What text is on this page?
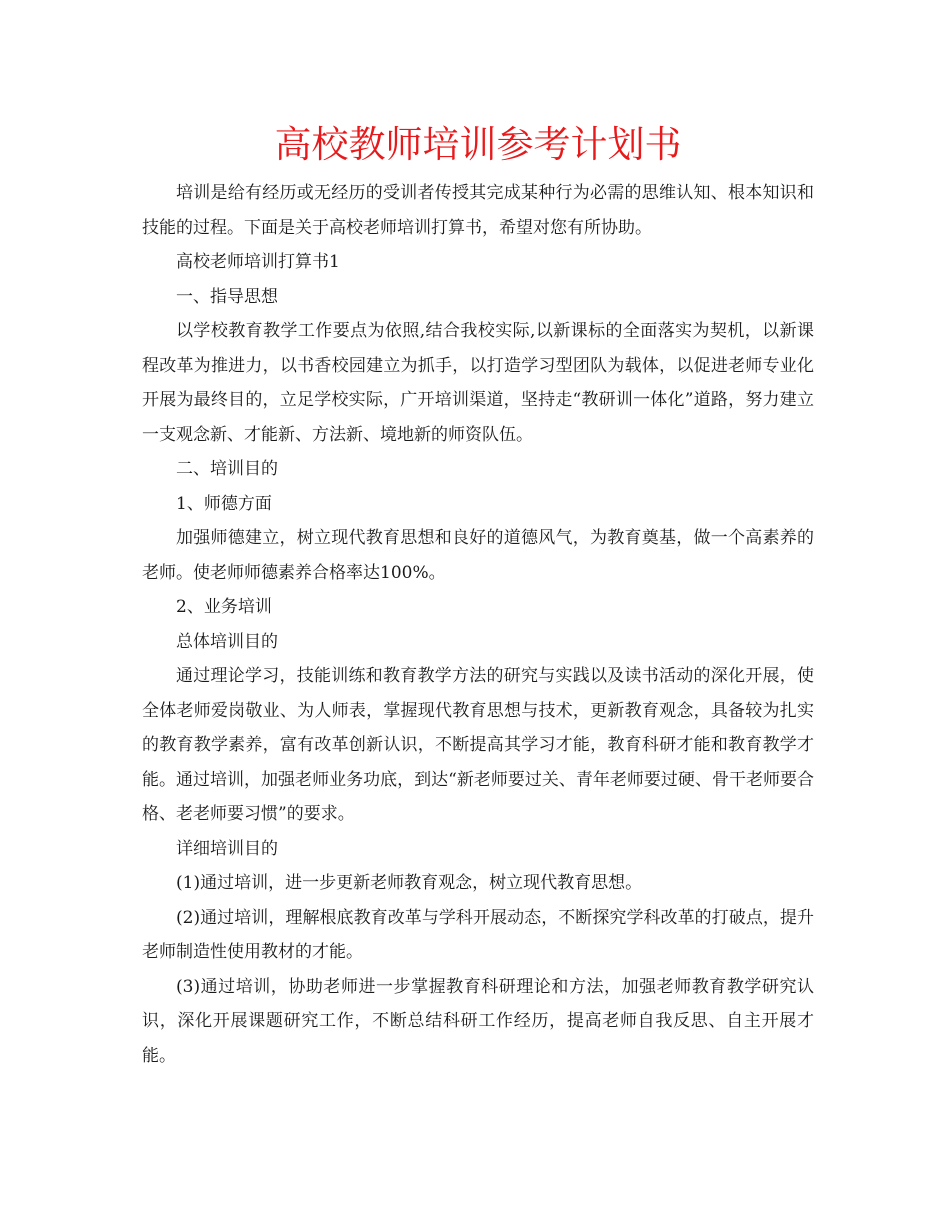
高校教师培训参考计划书

培训是给有经历或无经历的受训者传授其完成某种行为必需的思维认知、根本知识和技能的过程。下面是关于高校老师培训打算书，希望对您有所协助。

高校老师培训打算书1

一、指导思想

以学校教育教学工作要点为依照,结合我校实际,以新课标的全面落实为契机，以新课程改革为推进力，以书香校园建立为抓手，以打造学习型团队为载体，以促进老师专业化开展为最终目的，立足学校实际，广开培训渠道，坚持走“教研训一体化”道路，努力建立一支观念新、才能新、方法新、境地新的师资队伍。

二、培训目的

1、师德方面

加强师德建立，树立现代教育思想和良好的道德风气，为教育奠基，做一个高素养的老师。使老师师德素养合格率达100%。

2、业务培训

总体培训目的

通过理论学习，技能训练和教育教学方法的研究与实践以及读书活动的深化开展，使全体老师爱岗敬业、为人师表，掌握现代教育思想与技术，更新教育观念，具备较为扎实的教育教学素养，富有改革创新认识，不断提高其学习才能，教育科研才能和教育教学才能。通过培训，加强老师业务功底，到达“新老师要过关、青年老师要过硬、骨干老师要合格、老老师要习惯”的要求。

详细培训目的

(1)通过培训，进一步更新老师教育观念，树立现代教育思想。

(2)通过培训，理解根底教育改革与学科开展动态，不断探究学科改革的打破点，提升老师制造性使用教材的才能。

(3)通过培训，协助老师进一步掌握教育科研理论和方法，加强老师教育教学研究认识，深化开展课题研究工作，不断总结科研工作经历，提高老师自我反思、自主开展才能。
